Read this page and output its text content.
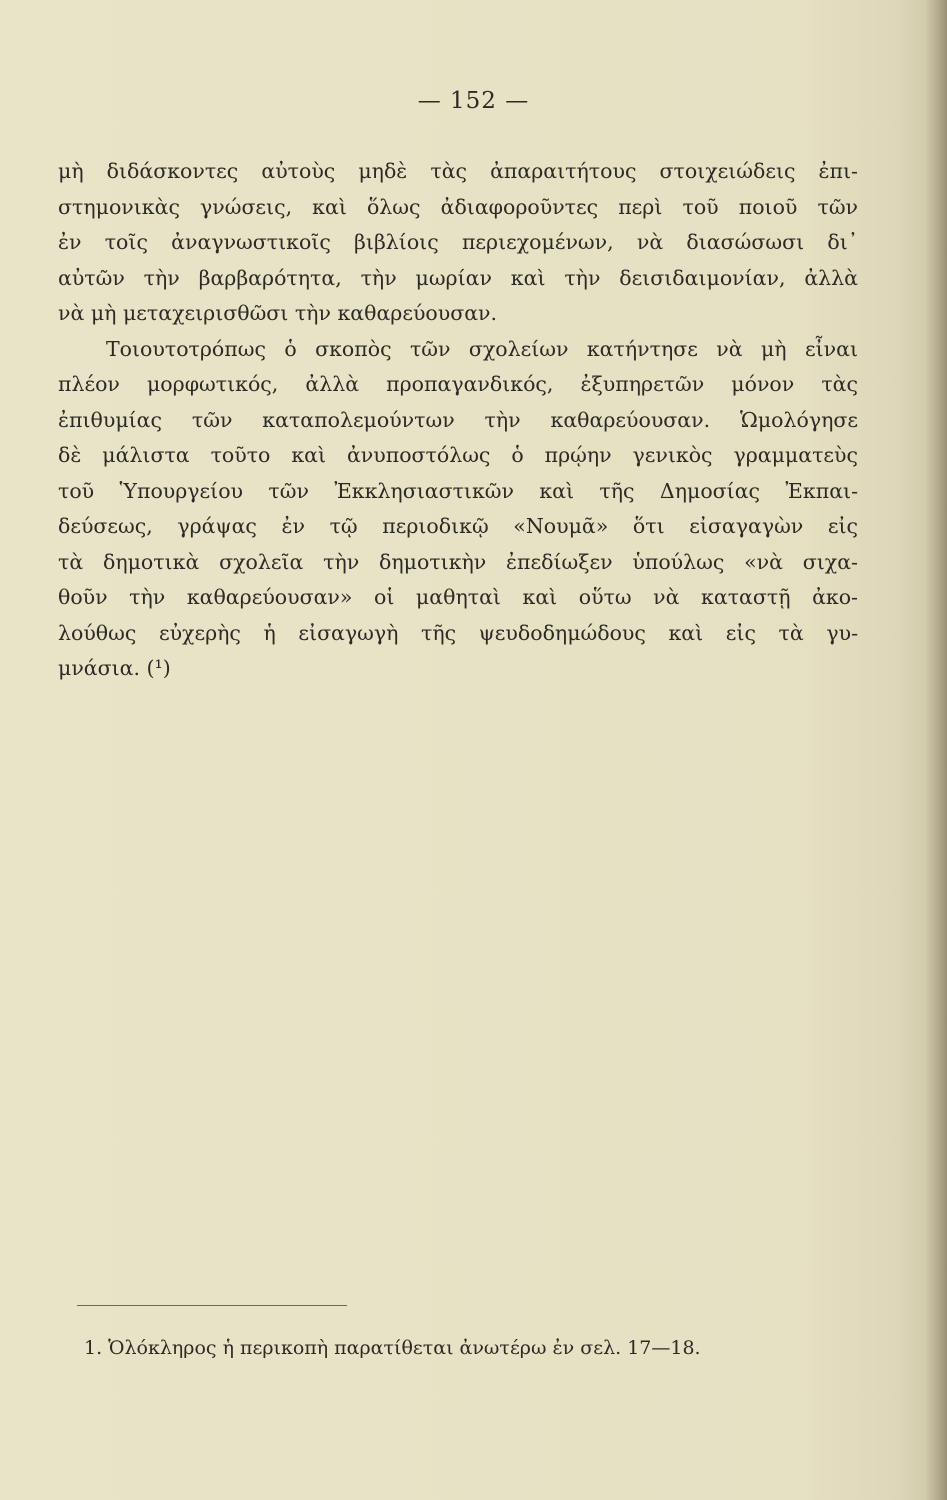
— 152 —
μὴ διδάσκοντες αὐτοὺς μηδὲ τὰς ἀπαραιτήτους στοιχειώδεις ἐπι-
στημονικὰς γνώσεις, καὶ ὅλως ἀδιαφοροῦντες περὶ τοῦ ποιοῦ τῶν
ἐν τοῖς ἀναγνωστικοῖς βιβλίοις περιεχομένων, νὰ διασώσωσι δι᾽
αὐτῶν τὴν βαρβαρότητα, τὴν μωρίαν καὶ τὴν δεισιδαιμονίαν, ἀλλὰ
νὰ μὴ μεταχειρισθῶσι τὴν καθαρεύουσαν.
Τοιουτοτρόπως ὁ σκοπὸς τῶν σχολείων κατήντησε νὰ μὴ εἶναι
πλέον μορφωτικός, ἀλλὰ προπαγανδικός, ἐξυπηρετῶν μόνον τὰς
ἐπιθυμίας τῶν καταπολεμούντων τὴν καθαρεύουσαν. Ὡμολόγησε
δὲ μάλιστα τοῦτο καὶ ἀνυποστόλως ὁ πρῴην γενικὸς γραμματεὺς
τοῦ Ὑπουργείου τῶν Ἐκκλησιαστικῶν καὶ τῆς Δημοσίας Ἐκπαι-
δεύσεως, γράψας ἐν τῷ περιοδικῷ «Νουμᾶ» ὅτι εἰσαγαγὼν εἰς
τὰ δημοτικὰ σχολεῖα τὴν δημοτικὴν ἐπεδίωξεν ὑπούλως «νὰ σιχα-
θοῦν τὴν καθαρεύουσαν» οἱ μαθηταὶ καὶ οὕτω νὰ καταστῇ ἀκο-
λούθως εὐχερὴς ἡ εἰσαγωγὴ τῆς ψευδοδημώδους καὶ εἰς τὰ γυ-
μνάσια. (¹)
1. Ὁλόκληρος ἡ περικοπὴ παρατίθεται ἀνωτέρω ἐν σελ. 17—18.
